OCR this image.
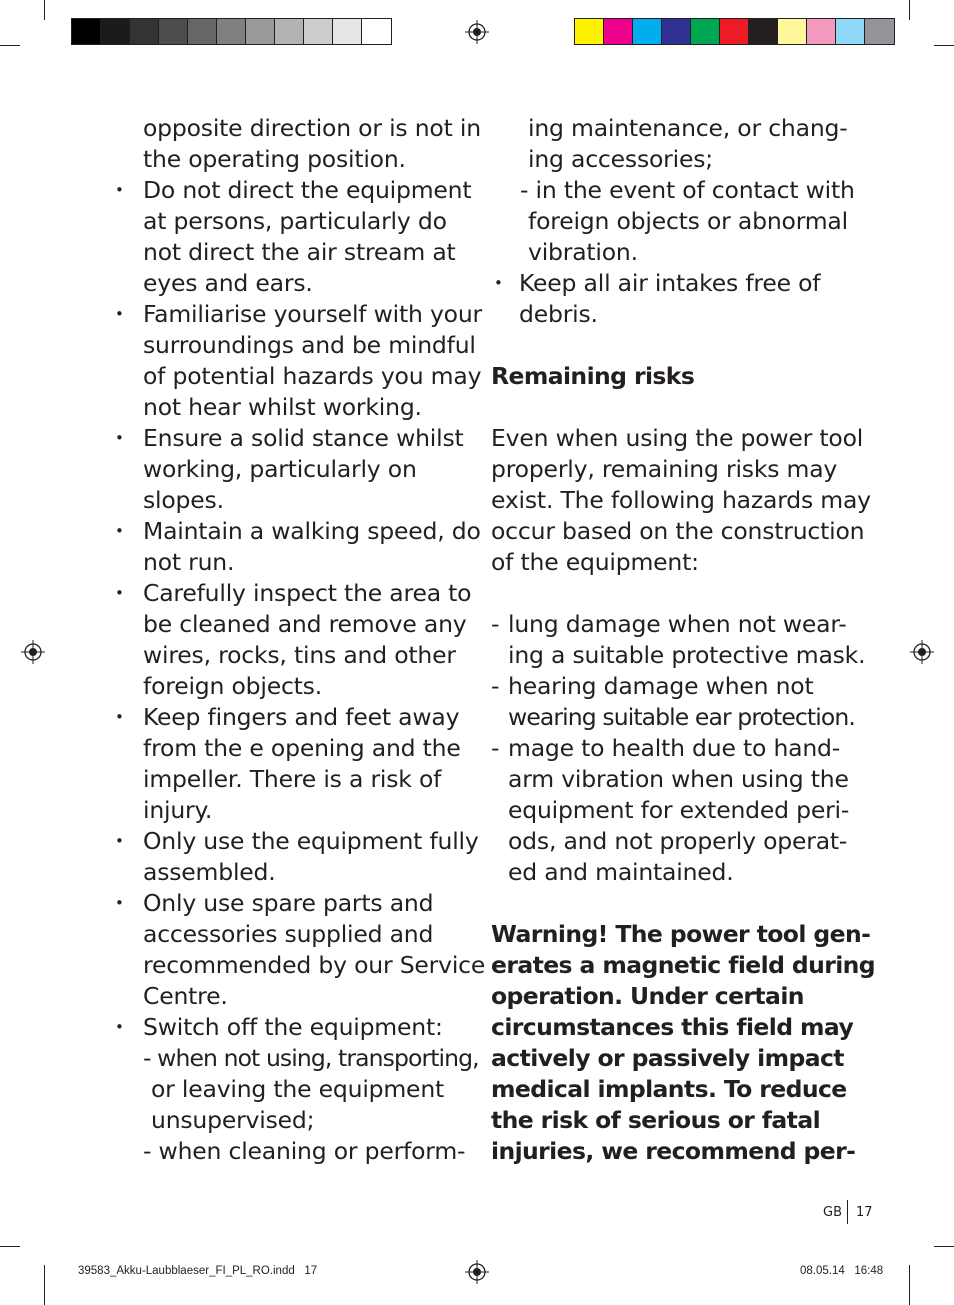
opposite direction or is not in
the operating position.
• Do not direct the equipment
at persons, particularly do
not direct the air stream at
eyes and ears.
• Familiarise yourself with your
surroundings and be mindful
of potential hazards you may
not hear whilst working.
• Ensure a solid stance whilst
working, particularly on
slopes.
• Maintain a walking speed, do
not run.
• Carefully inspect the area to
be cleaned and remove any
wires, rocks, tins and other
foreign objects.
• Keep fingers and feet away
from the e opening and the
impeller. There is a risk of
injury.
• Only use the equipment fully
assembled.
• Only use spare parts and
accessories supplied and
recommended by our Service
Centre.
• Switch off the equipment:
- when not using, transporting,
or leaving the equipment
unsupervised;
- when cleaning or perform-
ing maintenance, or chang-
ing accessories;
- in the event of contact with
foreign objects or abnormal
vibration.
• Keep all air intakes free of
debris.
Remaining risks
Even when using the power tool
properly, remaining risks may
exist. The following hazards may
occur based on the construction
of the equipment:
- lung damage when not wear-
ing a suitable protective mask.
- hearing damage when not
wearing suitable ear protection.
- mage to health due to hand-
arm vibration when using the
equipment for extended peri-
ods, and not properly operat-
ed and maintained.
Warning! The power tool gen-
erates a magnetic field during
operation. Under certain
circumstances this field may
actively or passively impact
medical implants. To reduce
the risk of serious or fatal
injuries, we recommend per-
GB 17
39583_Akku-Laubblaeser_FI_PL_RO.indd   17	08.05.14   16:48
